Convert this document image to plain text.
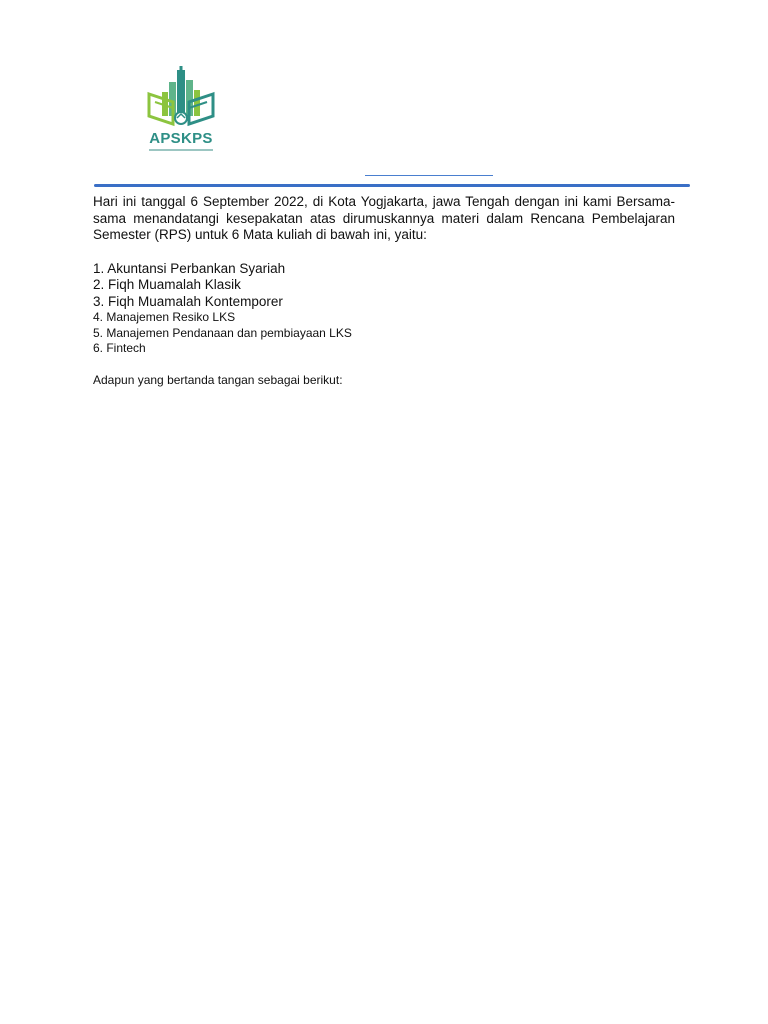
APSKPS

Hari ini tanggal 6 September 2022, di Kota Yogjakarta, jawa Tengah dengan ini kami Bersama-sama menandatangi kesepakatan atas dirumuskannya materi dalam Rencana Pembelajaran Semester (RPS) untuk 6 Mata kuliah di bawah ini, yaitu:

1. Akuntansi Perbankan Syariah
2. Fiqh Muamalah Klasik
3. Fiqh Muamalah Kontemporer
4. Manajemen Resiko LKS
5. Manajemen Pendanaan dan pembiayaan LKS
6. Fintech

Adapun yang bertanda tangan sebagai berikut:
